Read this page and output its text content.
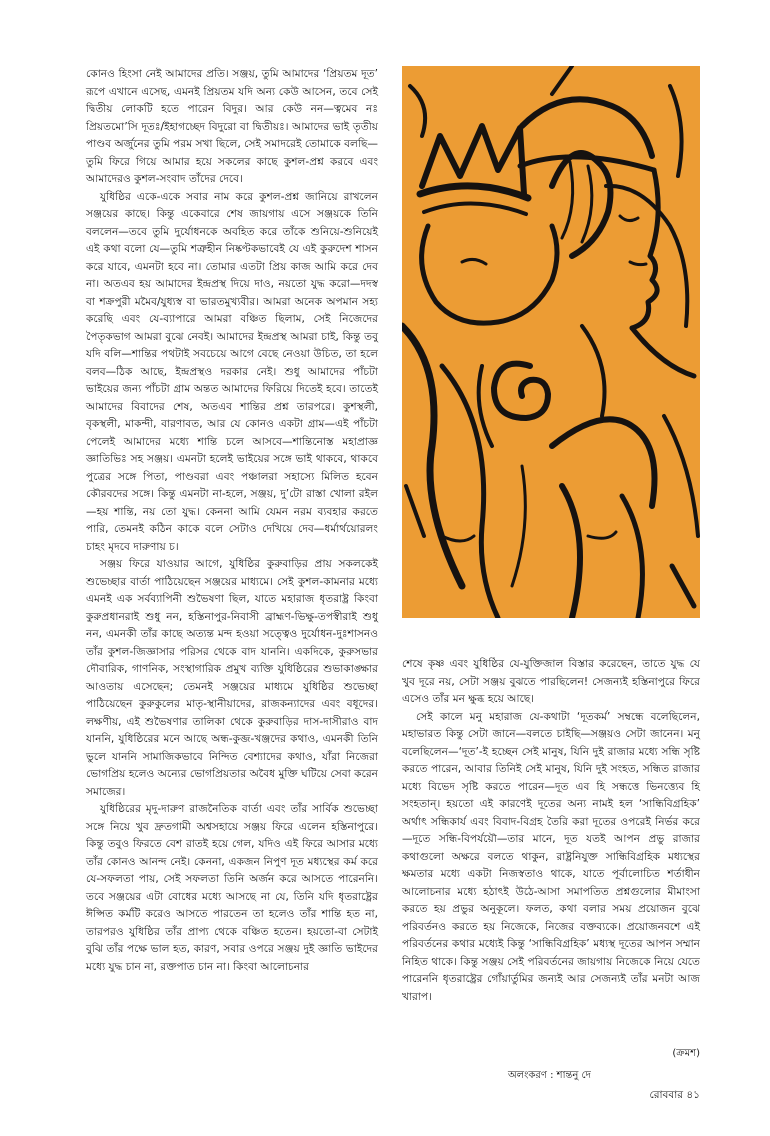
কোনও হিংসা নেই আমাদের প্রতি। সঞ্জয়, তুমি আমাদের ‘প্রিয়তম দূত’ রূপে এখানে এসেছ, এমনই প্রিয়তম যদি অন্য কেউ আসেন, তবে সেই দ্বিতীয় লোকটি হতে পারেন বিদুর। আর কেউ নন—ত্বমেব নঃ প্রিয়তমো’সি দূতঃ/ইহাগচ্ছেদ বিদুরো বা দ্বিতীয়ঃ। আমাদের ভাই তৃতীয় পাণ্ডব অর্জুনের তুমি পরম সখা ছিলে, সেই সমাদরেই তোমাকে বলছি—তুমি ফিরে গিয়ে আমার হয়ে সকলের কাছে কুশল-প্রশ্ন করবে এবং আমাদেরও কুশল-সংবাদ তাঁদের দেবে।

যুধিষ্ঠির একে-একে সবার নাম করে কুশল-প্রশ্ন জানিয়ে রাখলেন সঞ্জয়ের কাছে। কিন্তু একেবারে শেষ জায়গায় এসে সঞ্জয়কে তিনি বললেন—তবে তুমি দুর্যোধনকে অবহিত করে তাঁকে শুনিয়ে-শুনিয়েই এই কথা বলো যে—তুমি শত্রুহীন নিষ্কণ্টকভাবেই যে এই কুরুদেশ শাসন করে যাবে, এমনটা হবে না। তোমার এতটা প্রিয় কাজ আমি করে দেব না। অতএব হয় আমাদের ইন্দ্রপ্রস্থ দিয়ে দাও, নয়তো যুদ্ধ করো—দদস্ব বা শক্রপুরী মমৈব/যুধ্যস্ব বা ভারতমুখ্যবীর। আমরা অনেক অপমান সহ্য করেছি এবং যে-ব্যাপারে আমরা বঞ্চিত ছিলাম, সেই নিজেদের পৈতৃকভাগ আমরা বুঝে নেবই। আমাদের ইন্দ্রপ্রস্থ আমরা চাই, কিন্তু তবু যদি বলি—শান্তির পথটাই সবচেয়ে আগে বেছে নেওয়া উচিত, তা হলে বলব—ঠিক আছে, ইন্দ্রপ্রস্থও দরকার নেই। শুধু আমাদের পাঁচটা ভাইয়ের জন্য পাঁচটা গ্রাম অন্তত আমাদের ফিরিয়ে দিতেই হবে। তাতেই আমাদের বিবাদের শেষ, অতএব শান্তির প্রশ্ন তারপরে। কুশস্থলী, বৃকস্থলী, মাকন্দী, বারণাবত, আর যে কোনও একটা গ্রাম—এই পাঁচটা পেলেই আমাদের মধ্যে শান্তি চলে আসবে—শান্তিনোস্ত মহাপ্রাজ্ঞ জ্ঞাতিভিঃ সহ সঞ্জয়। এমনটা হলেই ভাইয়ের সঙ্গে ভাই থাকবে, থাকবে পুত্রের সঙ্গে পিতা, পাণ্ডবরা এবং পঞ্চালরা সহাস্যে মিলিত হবেন কৌরবদের সঙ্গে। কিন্তু এমনটা না-হলে, সঞ্জয়, দু’টো রাস্তা খোলা রইল—হয় শান্তি, নয় তো যুদ্ধ। কেননা আমি যেমন নরম ব্যবহার করতে পারি, তেমনই কঠিন কাকে বলে সেটাও দেখিয়ে দেব—ধর্মার্থয়োরলং চাহং মৃদবে দারুণায় চ।

সঞ্জয় ফিরে যাওয়ার আগে, যুধিষ্ঠির কুরুবাড়ির প্রায় সকলকেই শুভেচ্ছার বার্তা পাঠিয়েছেন সঞ্জয়ের মাধ্যমে। সেই কুশল-কামনার মধ্যে এমনই এক সর্বব্যাপিনী শুভৈষণা ছিল, যাতে মহারাজ ধৃতরাষ্ট্র কিংবা কুরুপ্রধানরাই শুধু নন, হস্তিনাপুর-নিবাসী ব্রাহ্মণ-ভিক্ষু-তপস্বীরাই শুধু নন, এমনকী তাঁর কাছে অত্যন্ত মন্দ হওয়া সত্ত্বেও দুর্যোধন-দুঃশাসনও তাঁর কুশল-জিজ্ঞাসার পরিসর থেকে বাদ যাননি। একদিকে, কুরুসভার দৌবারিক, গাণনিক, সংস্থাগারিক প্রমুখ ব্যক্তি যুধিষ্ঠিরের শুভাকাঙ্ক্ষার আওতায় এসেছেন; তেমনই সঞ্জয়ের মাধ্যমে যুধিষ্ঠির শুভেচ্ছা পাঠিয়েছেন কুরুকুলের মাতৃ-স্থানীয়াদের, রাজকন্যাদের এবং বধূদের। লক্ষণীয়, এই শুভৈষণার তালিকা থেকে কুরুবাড়ির দাস-দাসীরাও বাদ যাননি, যুধিষ্ঠিরের মনে আছে অন্ধ-কুব্জ-খঞ্জদের কথাও, এমনকী তিনি ভুলে যাননি সামাজিকভাবে নিন্দিত বেশ্যাদের কথাও, যাঁরা নিজেরা ভোগপ্রিয় হলেও অন্যের ভোগপ্রিয়তার অবৈধ মুক্তি ঘটিয়ে সেবা করেন সমাজের।

যুধিষ্ঠিরের মৃদু-দারুণ রাজনৈতিক বার্তা এবং তাঁর সার্বিক শুভেচ্ছা সঙ্গে নিয়ে খুব দ্রুতগামী অশ্বসহায়ে সঞ্জয় ফিরে এলেন হস্তিনাপুরে। কিন্তু তবুও ফিরতে বেশ রাতই হয়ে গেল, যদিও এই ফিরে আসার মধ্যে তাঁর কোনও আনন্দ নেই। কেননা, একজন নিপুণ দূত মধ্যস্থের কর্ম করে যে-সফলতা পায়, সেই সফলতা তিনি অর্জন করে আসতে পারেননি। তবে সঞ্জয়ের এটা বোধের মধ্যে আসছে না যে, তিনি যদি ধৃতরাষ্ট্রের ঈপ্সিত কর্মটি করেও আসতে পারতেন তা হলেও তাঁর শান্তি হত না, তারপরও যুধিষ্ঠির তাঁর প্রাপ্য থেকে বঞ্চিত হতেন। হয়তো-বা সেটাই বুঝি তাঁর পক্ষে ভাল হত, কারণ, সবার ওপরে সঞ্জয় দুই জ্ঞাতি ভাইদের মধ্যে যুদ্ধ চান না, রক্তপাত চান না। কিংবা আলোচনার

শেষে কৃষ্ণ এবং যুধিষ্ঠির যে-যুক্তিজাল বিস্তার করেছেন, তাতে যুদ্ধ যে খুব দূরে নয়, সেটা সঞ্জয় বুঝতে পারছিলেন! সেজন্যই হস্তিনাপুরে ফিরে এসেও তাঁর মন ক্ষুব্ধ হয়ে আছে।

সেই কালে মনু মহারাজ যে-কথাটা ‘দূতকর্ম’ সম্বন্ধে বলেছিলেন, মহাভারত কিন্তু সেটা জানে—বলতে চাইছি—সঞ্জয়ও সেটা জানেন। মনু বলেছিলেন—‘দূত’-ই হচ্ছেন সেই মানুষ, যিনি দুই রাজার মধ্যে সন্ধি সৃষ্টি করতে পারেন, আবার তিনিই সেই মানুষ, যিনি দুই সংহত, সন্ধিত রাজার মধ্যে বিভেদ সৃষ্টি করতে পারেন—দূত এব হি সন্ধত্তে ভিনত্ত্যেব হি সংহতান্। হয়তো এই কারণেই দূতের অন্য নামই হল ‘সান্ধিবিগ্রহিক’ অর্থাৎ সন্ধিকার্য এবং বিবাদ-বিগ্রহ তৈরি করা দূতের ওপরেই নির্ভর করে—দূতে সন্ধি-বিপর্যয়ৌ—তার মানে, দূত যতই আপন প্রভু রাজার কথাগুলো অক্ষরে বলতে থাকুন, রাষ্ট্রনিযুক্ত সান্ধিবিগ্রহিক মধ্যস্থের ক্ষমতার মধ্যে একটা নিজস্বতাও থাকে, যাতে পূর্বালোচিত শর্তাধীন আলোচনার মধ্যে হঠাৎই উঠে-আসা সমাপতিত প্রশ্নগুলোর মীমাংসা করতে হয় প্রভুর অনুকূলে। ফলত, কথা বলার সময় প্রয়োজন বুঝে পরিবর্তনও করতে হয় নিজেকে, নিজের বক্তব্যকে। প্রয়োজনবশে এই পরিবর্তনের কথার মধ্যেই কিন্তু ‘সান্ধিবিগ্রহিক’ মধ্যস্থ দূতের আপন সম্মান নিহিত থাকে। কিন্তু সঞ্জয় সেই পরিবর্তনের জায়গায় নিজেকে নিয়ে যেতে পারেননি ধৃতরাষ্ট্রের গোঁয়ার্তুমির জন্যই আর সেজন্যই তাঁর মনটা আজ খারাপ।

(ক্রমশ)
অলংকরণ : শান্তনু দে
রোববার ৪১
